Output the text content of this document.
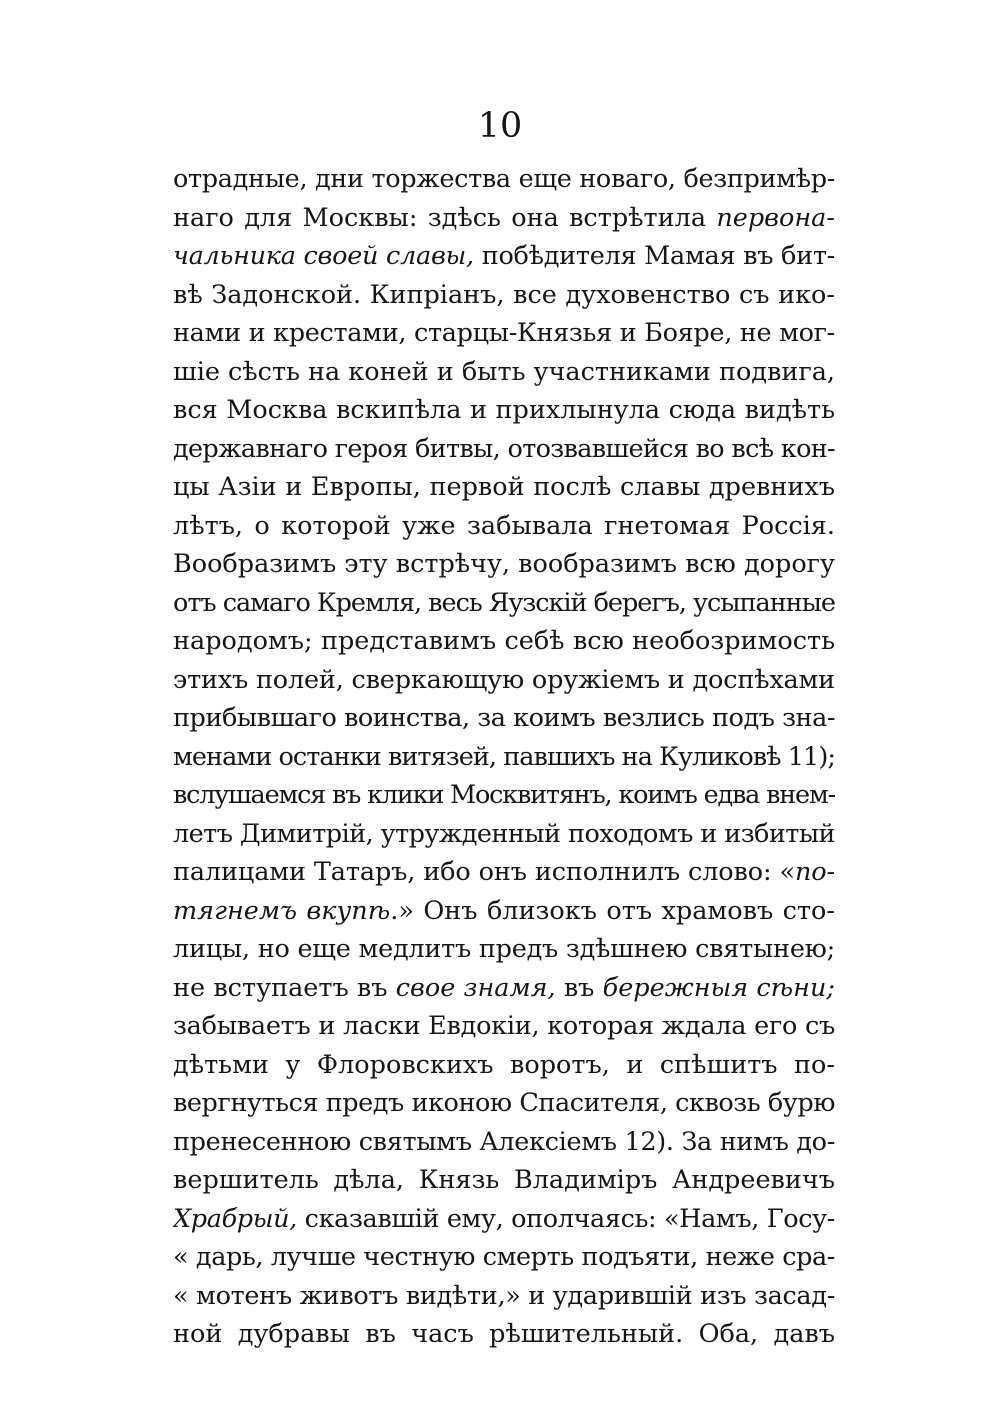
10
отрадные, дни торжества еще новаго, безпримѣр-
наго для Москвы: здѣсь она встрѣтила первона-
чальника своей славы, побѣдителя Мамая въ бит-
вѣ Задонской. Кипріанъ, все духовенство съ ико-
нами и крестами, старцы-Князья и Бояре, не мог-
шіе сѣсть на коней и быть участниками подвига,
вся Москва вскипѣла и прихлынула сюда видѣть
державнаго героя битвы, отозвавшейся во всѣ кон-
цы Азіи и Европы, первой послѣ славы древнихъ
лѣтъ, о которой уже забывала гнетомая Россія.
Вообразимъ эту встрѣчу, вообразимъ всю дорогу
отъ самаго Кремля, весь Яузскій берегъ, усыпанные
народомъ; представимъ себѣ всю необозримость
этихъ полей, сверкающую оружіемъ и доспѣхами
прибывшаго воинства, за коимъ везлись подъ зна-
менами останки витязей, павшихъ на Куликовѣ 11);
вслушаемся въ клики Москвитянъ, коимъ едва внем-
летъ Димитрій, утружденный походомъ и избитый
палицами Татаръ, ибо онъ исполнилъ слово: «по-
тягнемъ вкупѣ.» Онъ близокъ отъ храмовъ сто-
лицы, но еще медлитъ предъ здѣшнею святынею;
не вступаетъ въ свое знамя, въ бережныя сѣни;
забываетъ и ласки Евдокіи, которая ждала его съ
дѣтьми у Флоровскихъ воротъ, и спѣшитъ по-
вергнуться предъ иконою Спасителя, сквозь бурю
пренесенною святымъ Алексіемъ 12). За нимъ до-
вершитель дѣла, Князь Владиміръ Андреевичъ
Храбрый, сказавшій ему, ополчаясь: «Намъ, Госу-
« дарь, лучше честную смерть подъяти, неже сра-
« мотенъ животъ видѣти,» и ударившій изъ засад-
ной дубравы въ часъ рѣшительный. Оба, давъ
